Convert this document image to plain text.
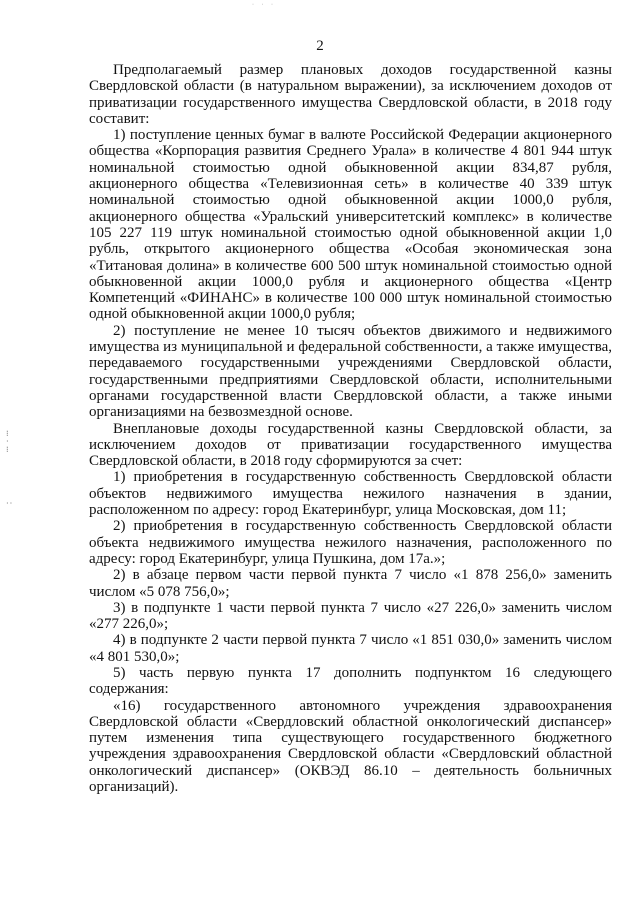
· · ·
2

Предполагаемый размер плановых доходов государственной казны Свердловской области (в натуральном выражении), за исключением доходов от приватизации государственного имущества Свердловской области, в 2018 году составит:

1) поступление ценных бумаг в валюте Российской Федерации акционерного общества «Корпорация развития Среднего Урала» в количестве 4 801 944 штук номинальной стоимостью одной обыкновенной акции 834,87 рубля, акционерного общества «Телевизионная сеть» в количестве 40 339 штук номинальной стоимостью одной обыкновенной акции 1000,0 рубля, акционерного общества «Уральский университетский комплекс» в количестве 105 227 119 штук номинальной стоимостью одной обыкновенной акции 1,0 рубль, открытого акционерного общества «Особая экономическая зона «Титановая долина» в количестве 600 500 штук номинальной стоимостью одной обыкновенной акции 1000,0 рубля и акционерного общества «Центр Компетенций «ФИНАНС» в количестве 100 000 штук номинальной стоимостью одной обыкновенной акции 1000,0 рубля;

2) поступление не менее 10 тысяч объектов движимого и недвижимого имущества из муниципальной и федеральной собственности, а также имущества, передаваемого государственными учреждениями Свердловской области, государственными предприятиями Свердловской области, исполнительными органами государственной власти Свердловской области, а также иными организациями на безвозмездной основе.

Внеплановые доходы государственной казны Свердловской области, за исключением доходов от приватизации государственного имущества Свердловской области, в 2018 году сформируются за счет:

1) приобретения в государственную собственность Свердловской области объектов недвижимого имущества нежилого назначения в здании, расположенном по адресу: город Екатеринбург, улица Московская, дом 11;

2) приобретения в государственную собственность Свердловской области объекта недвижимого имущества нежилого назначения, расположенного по адресу: город Екатеринбург, улица Пушкина, дом 17а.»;

2) в абзаце первом части первой пункта 7 число «1 878 256,0» заменить числом «5 078 756,0»;

3) в подпункте 1 части первой пункта 7 число «27 226,0» заменить числом «277 226,0»;

4) в подпункте 2 части первой пункта 7 число «1 851 030,0» заменить числом «4 801 530,0»;

5) часть первую пункта 17 дополнить подпунктом 16 следующего содержания:

«16) государственного автономного учреждения здравоохранения Свердловской области «Свердловский областной онкологический диспансер» путем изменения типа существующего государственного бюджетного учреждения здравоохранения Свердловской области «Свердловский областной онкологический диспансер» (ОКВЭД 86.10 – деятельность больничных организаций).

⁝
·
⁝
··
